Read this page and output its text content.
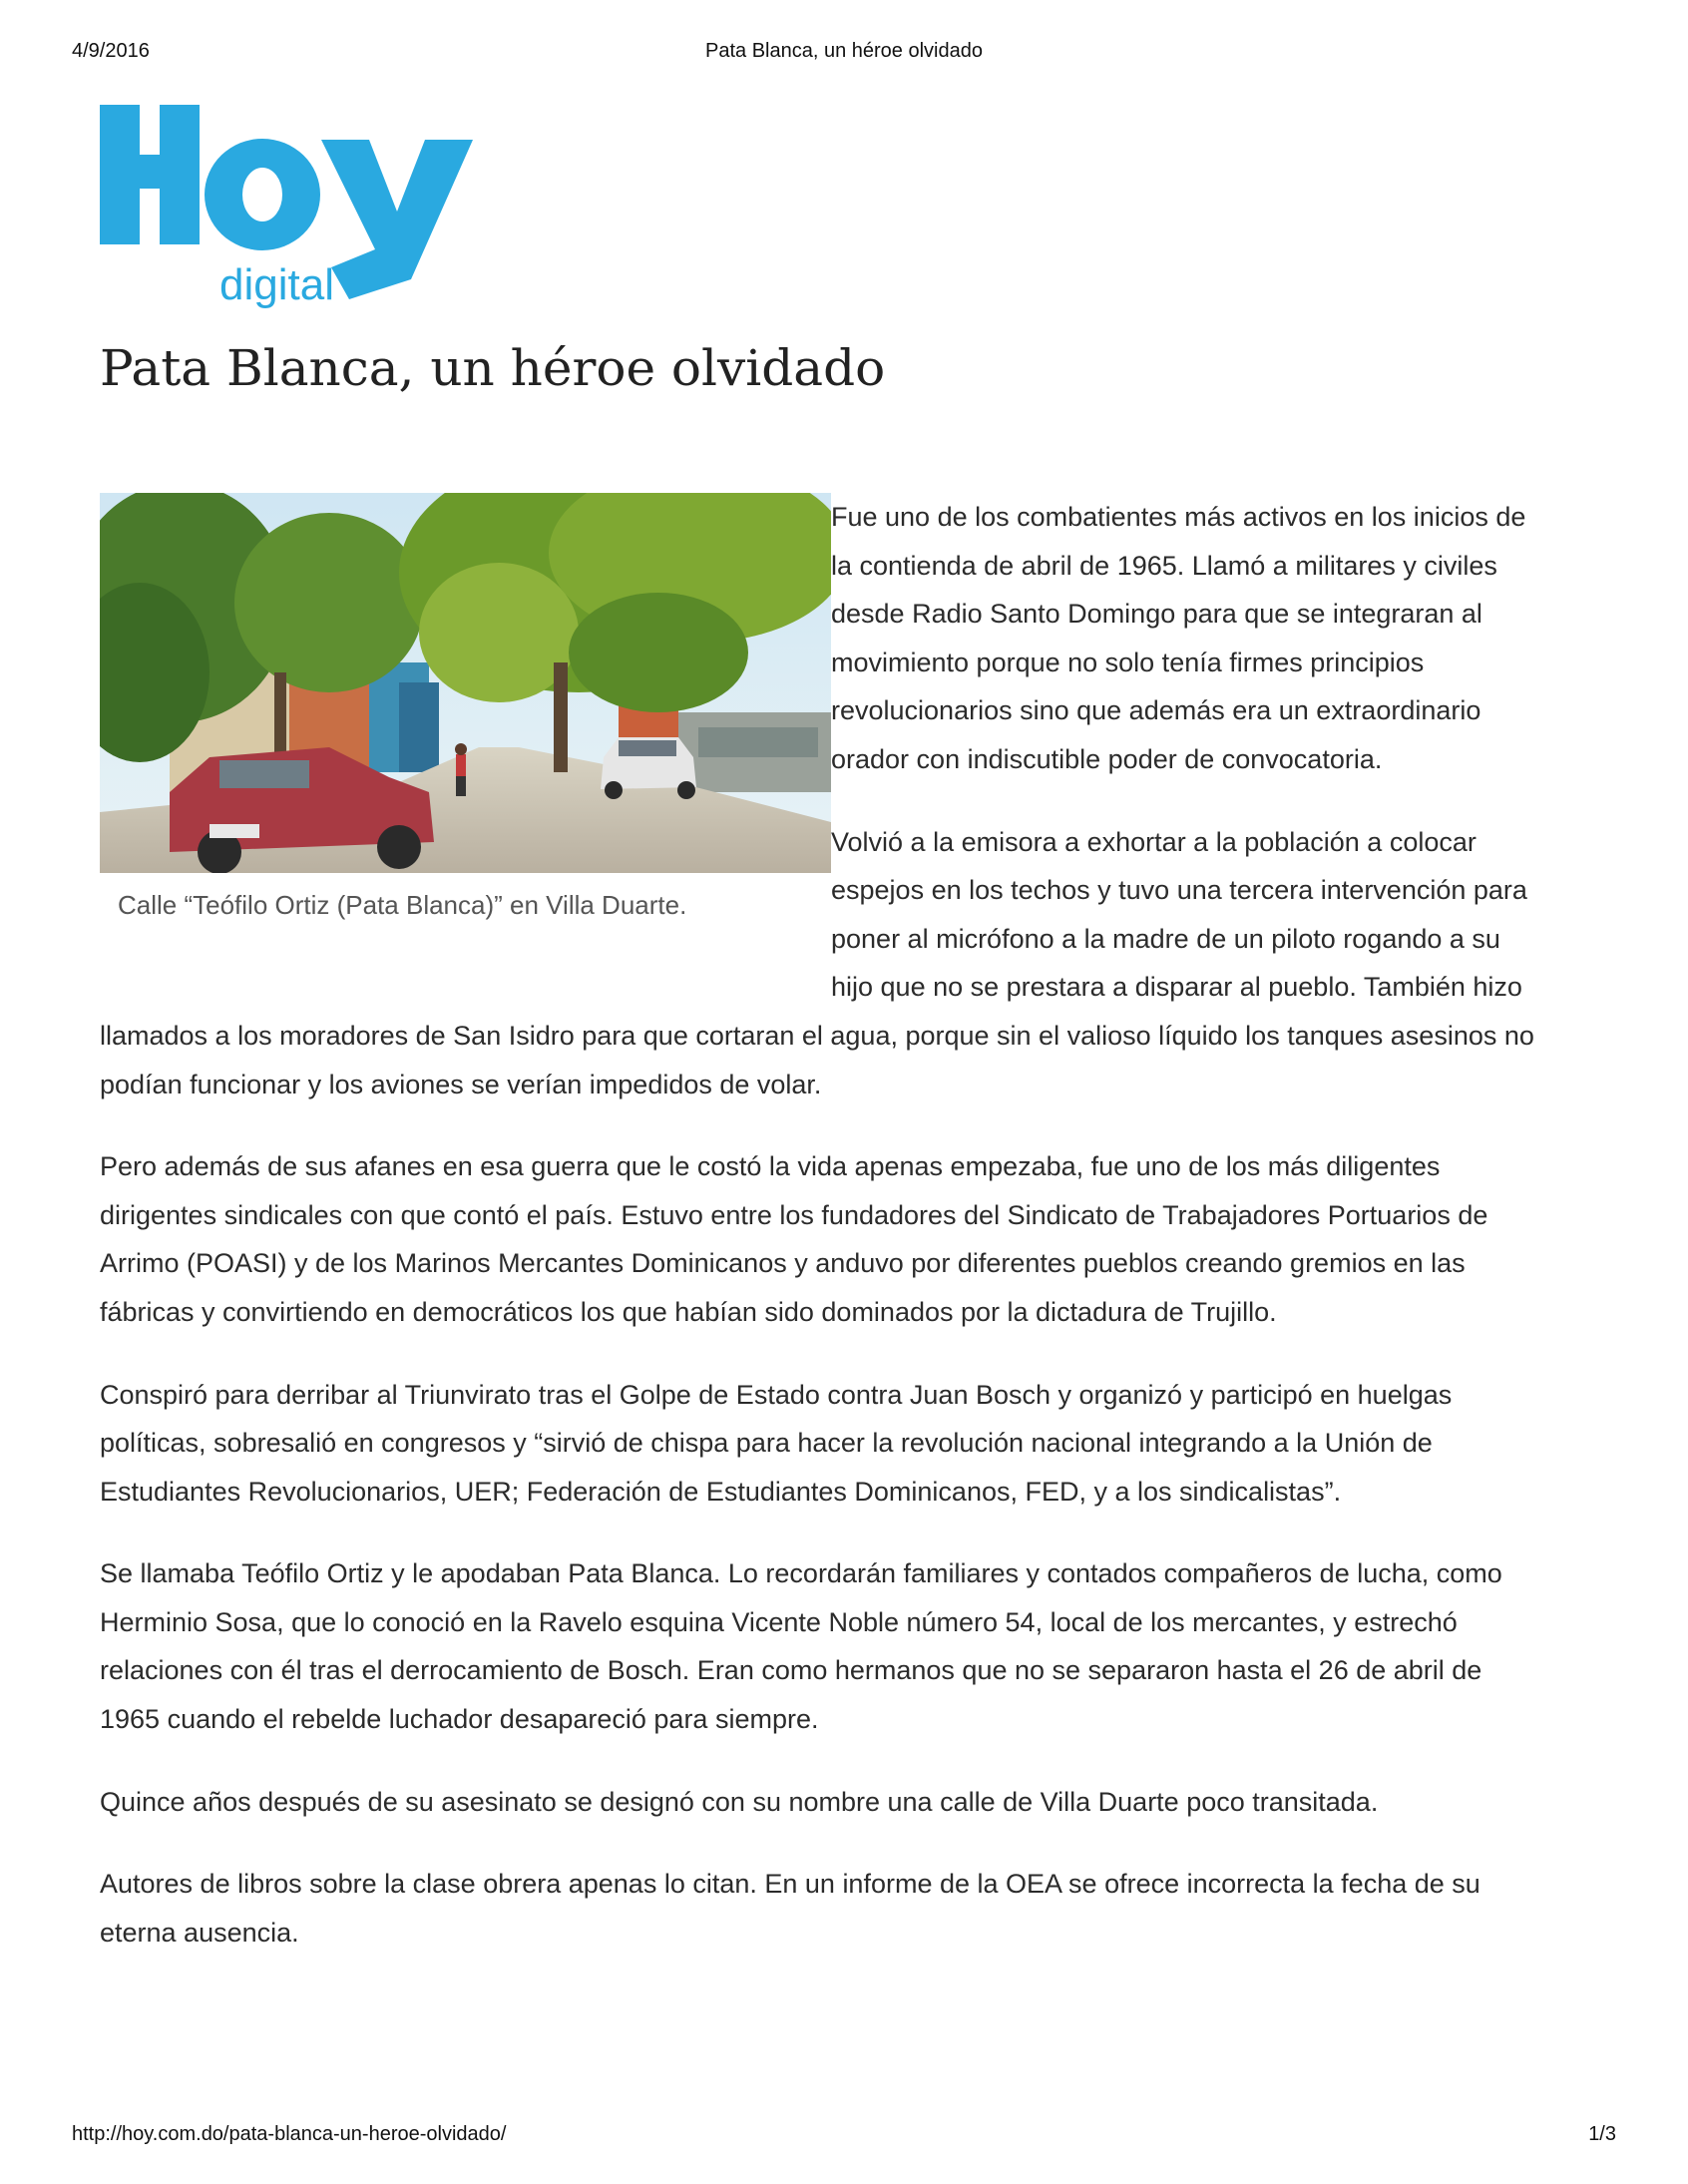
4/9/2016	Pata Blanca, un héroe olvidado
digital
Pata Blanca, un héroe olvidado

Calle “Teófilo Ortiz (Pata Blanca)” en Villa Duarte.

Fue uno de los combatientes más activos en los inicios de la contienda de abril de 1965. Llamó a militares y civiles desde Radio Santo Domingo para que se integraran al movimiento porque no solo tenía firmes principios revolucionarios sino que además era un extraordinario orador con indiscutible poder de convocatoria.

Volvió a la emisora a exhortar a la población a colocar espejos en los techos y tuvo una tercera intervención para poner al micrófono a la madre de un piloto rogando a su hijo que no se prestara a disparar al pueblo. También hizo llamados a los moradores de San Isidro para que cortaran el agua, porque sin el valioso líquido los tanques asesinos no podían funcionar y los aviones se verían impedidos de volar.

Pero además de sus afanes en esa guerra que le costó la vida apenas empezaba, fue uno de los más diligentes dirigentes sindicales con que contó el país. Estuvo entre los fundadores del Sindicato de Trabajadores Portuarios de Arrimo (POASI) y de los Marinos Mercantes Dominicanos y anduvo por diferentes pueblos creando gremios en las fábricas y convirtiendo en democráticos los que habían sido dominados por la dictadura de Trujillo.

Conspiró para derribar al Triunvirato tras el Golpe de Estado contra Juan Bosch y organizó y participó en huelgas políticas, sobresalió en congresos y “sirvió de chispa para hacer la revolución nacional integrando a la Unión de Estudiantes Revolucionarios, UER; Federación de Estudiantes Dominicanos, FED, y a los sindicalistas”.

Se llamaba Teófilo Ortiz y le apodaban Pata Blanca. Lo recordarán familiares y contados compañeros de lucha, como Herminio Sosa, que lo conoció en la Ravelo esquina Vicente Noble número 54, local de los mercantes, y estrechó relaciones con él tras el derrocamiento de Bosch. Eran como hermanos que no se separaron hasta el 26 de abril de 1965 cuando el rebelde luchador desapareció para siempre.

Quince años después de su asesinato se designó con su nombre una calle de Villa Duarte poco transitada.

Autores de libros sobre la clase obrera apenas lo citan. En un informe de la OEA se ofrece incorrecta la fecha de su eterna ausencia.

http://hoy.com.do/pata-blanca-un-heroe-olvidado/	1/3
